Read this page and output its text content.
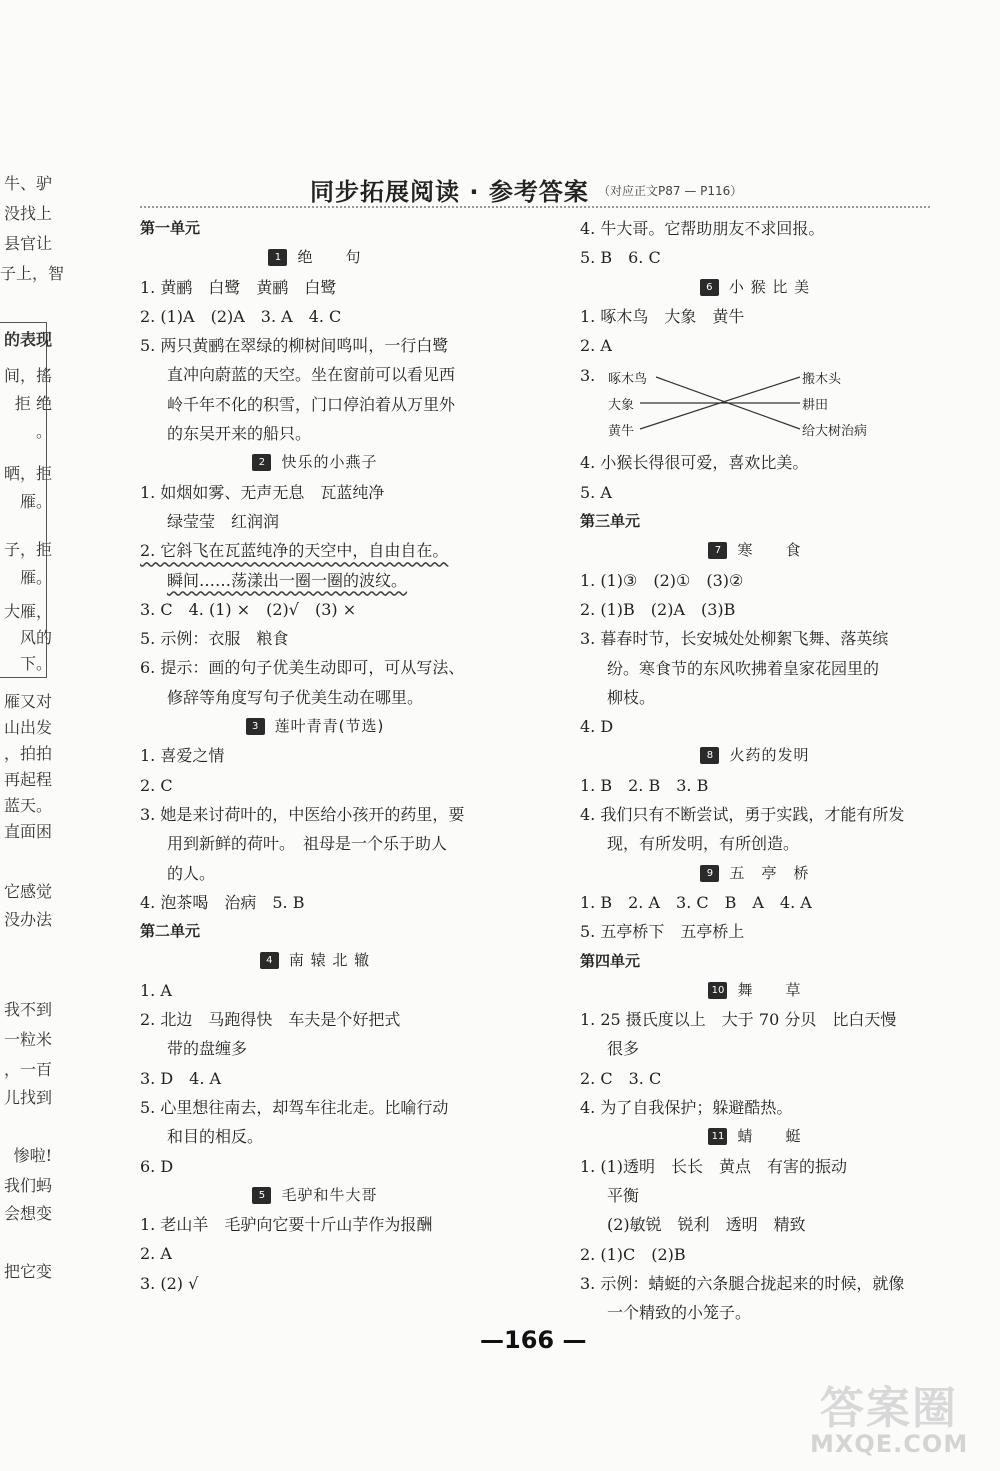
牛、驴
没找上
县官让
子上，智
的表现
间，搖
拒 绝
。
晒，拒
雁。
子，拒
雁。
大雁，
风的
下。
雁又对
山出发
，拍拍
再起程
蓝天。
直面困
它感觉
没办法
我不到
一粒米
，一百
儿找到
惨啦!
我们蚂
会想变
把它变
同步拓展阅读 · 参考答案 （对应正文P87 — P116）
第一单元
1 绝　　句
1. 黄鹂　白鹭　黄鹂　白鹭
2. (1)A　(2)A　3. A　4. C
5. 两只黄鹂在翠绿的柳树间鸣叫，一行白鹭
直冲向蔚蓝的天空。坐在窗前可以看见西
岭千年不化的积雪，门口停泊着从万里外
的东吴开来的船只。
2 快乐的小燕子
1. 如烟如雾、无声无息　瓦蓝纯净
绿莹莹　红润润
2. 它斜飞在瓦蓝纯净的天空中，自由自在。
瞬间……荡漾出一圈一圈的波纹。
3. C　4. (1) ×　(2)√　(3) ×
5. 示例：衣服　粮食
6. 提示：画的句子优美生动即可，可从写法、
修辞等角度写句子优美生动在哪里。
3 莲叶青青(节选)
1. 喜爱之情
2. C
3. 她是来讨荷叶的，中医给小孩开的药里，要
用到新鲜的荷叶。　祖母是一个乐于助人
的人。
4. 泡茶喝　治病　5. B
第二单元
4 南 辕 北 辙
1. A
2. 北边　马跑得快　车夫是个好把式
带的盘缠多
3. D　4. A
5. 心里想往南去，却驾车往北走。比喻行动
和目的相反。
6. D
5 毛驴和牛大哥
1. 老山羊　毛驴向它要十斤山芋作为报酬
2. A
3. (2) √
4. 牛大哥。它帮助朋友不求回报。
5. B　6. C
6 小 猴 比 美
1. 啄木鸟　大象　黄牛
2. A
3. 啄木鸟
大象
黄牛
搬木头
耕田
给大树治病
4. 小猴长得很可爱，喜欢比美。
5. A
第三单元
7 寒　　食
1. (1)③　(2)①　(3)②
2. (1)B　(2)A　(3)B
3. 暮春时节，长安城处处柳絮飞舞、落英缤
纷。寒食节的东风吹拂着皇家花园里的
柳枝。
4. D
8 火药的发明
1. B　2. B　3. B
4. 我们只有不断尝试，勇于实践，才能有所发
现，有所发明，有所创造。
9 五　亭　桥
1. B　2. A　3. C　B　A　4. A
5. 五亭桥下　五亭桥上
第四单元
10 舞　　草
1. 25 摄氏度以上　大于 70 分贝　比白天慢
很多
2. C　3. C
4. 为了自我保护；躲避酷热。
11 蜻　　蜓
1. (1)透明　长长　黄点　有害的振动
平衡
(2)敏锐　锐利　透明　精致
2. (1)C　(2)B
3. 示例：蜻蜓的六条腿合拢起来的时候，就像
一个精致的小笼子。
—166 —
答案圈
MXQE.COM
